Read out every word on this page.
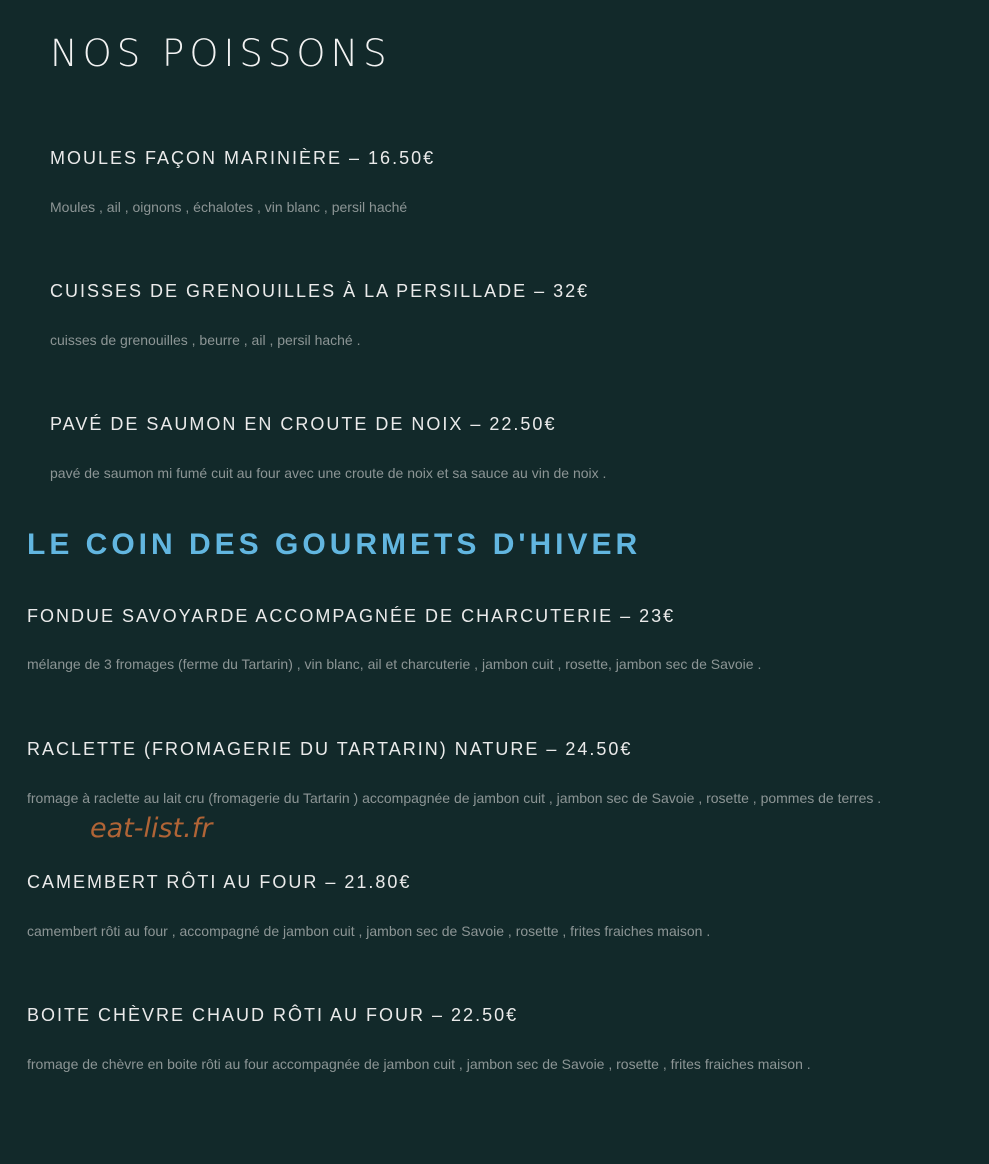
NOS POISSONS
MOULES FAÇON MARINIÈRE – 16.50€

Moules , ail , oignons , échalotes , vin blanc , persil haché

CUISSES DE GRENOUILLES À LA PERSILLADE – 32€

cuisses de grenouilles , beurre , ail , persil haché .

PAVÉ DE SAUMON EN CROUTE DE NOIX – 22.50€

pavé de saumon mi fumé cuit au four avec une croute de noix et sa sauce au vin de noix .

LE COIN DES GOURMETS D'HIVER
FONDUE SAVOYARDE ACCOMPAGNÉE DE CHARCUTERIE – 23€

mélange de 3 fromages (ferme du Tartarin) , vin blanc, ail et charcuterie , jambon cuit , rosette, jambon sec de Savoie .

RACLETTE (FROMAGERIE DU TARTARIN) NATURE – 24.50€

fromage à raclette au lait cru (fromagerie du Tartarin ) accompagnée de jambon cuit , jambon sec de Savoie , rosette , pommes de terres .

eat-list.fr
CAMEMBERT RÔTI AU FOUR – 21.80€

camembert rôti au four , accompagné de jambon cuit , jambon sec de Savoie , rosette , frites fraiches maison .

BOITE CHÈVRE CHAUD RÔTI AU FOUR – 22.50€

fromage de chèvre en boite rôti au four accompagnée de jambon cuit , jambon sec de Savoie , rosette , frites fraiches maison .
